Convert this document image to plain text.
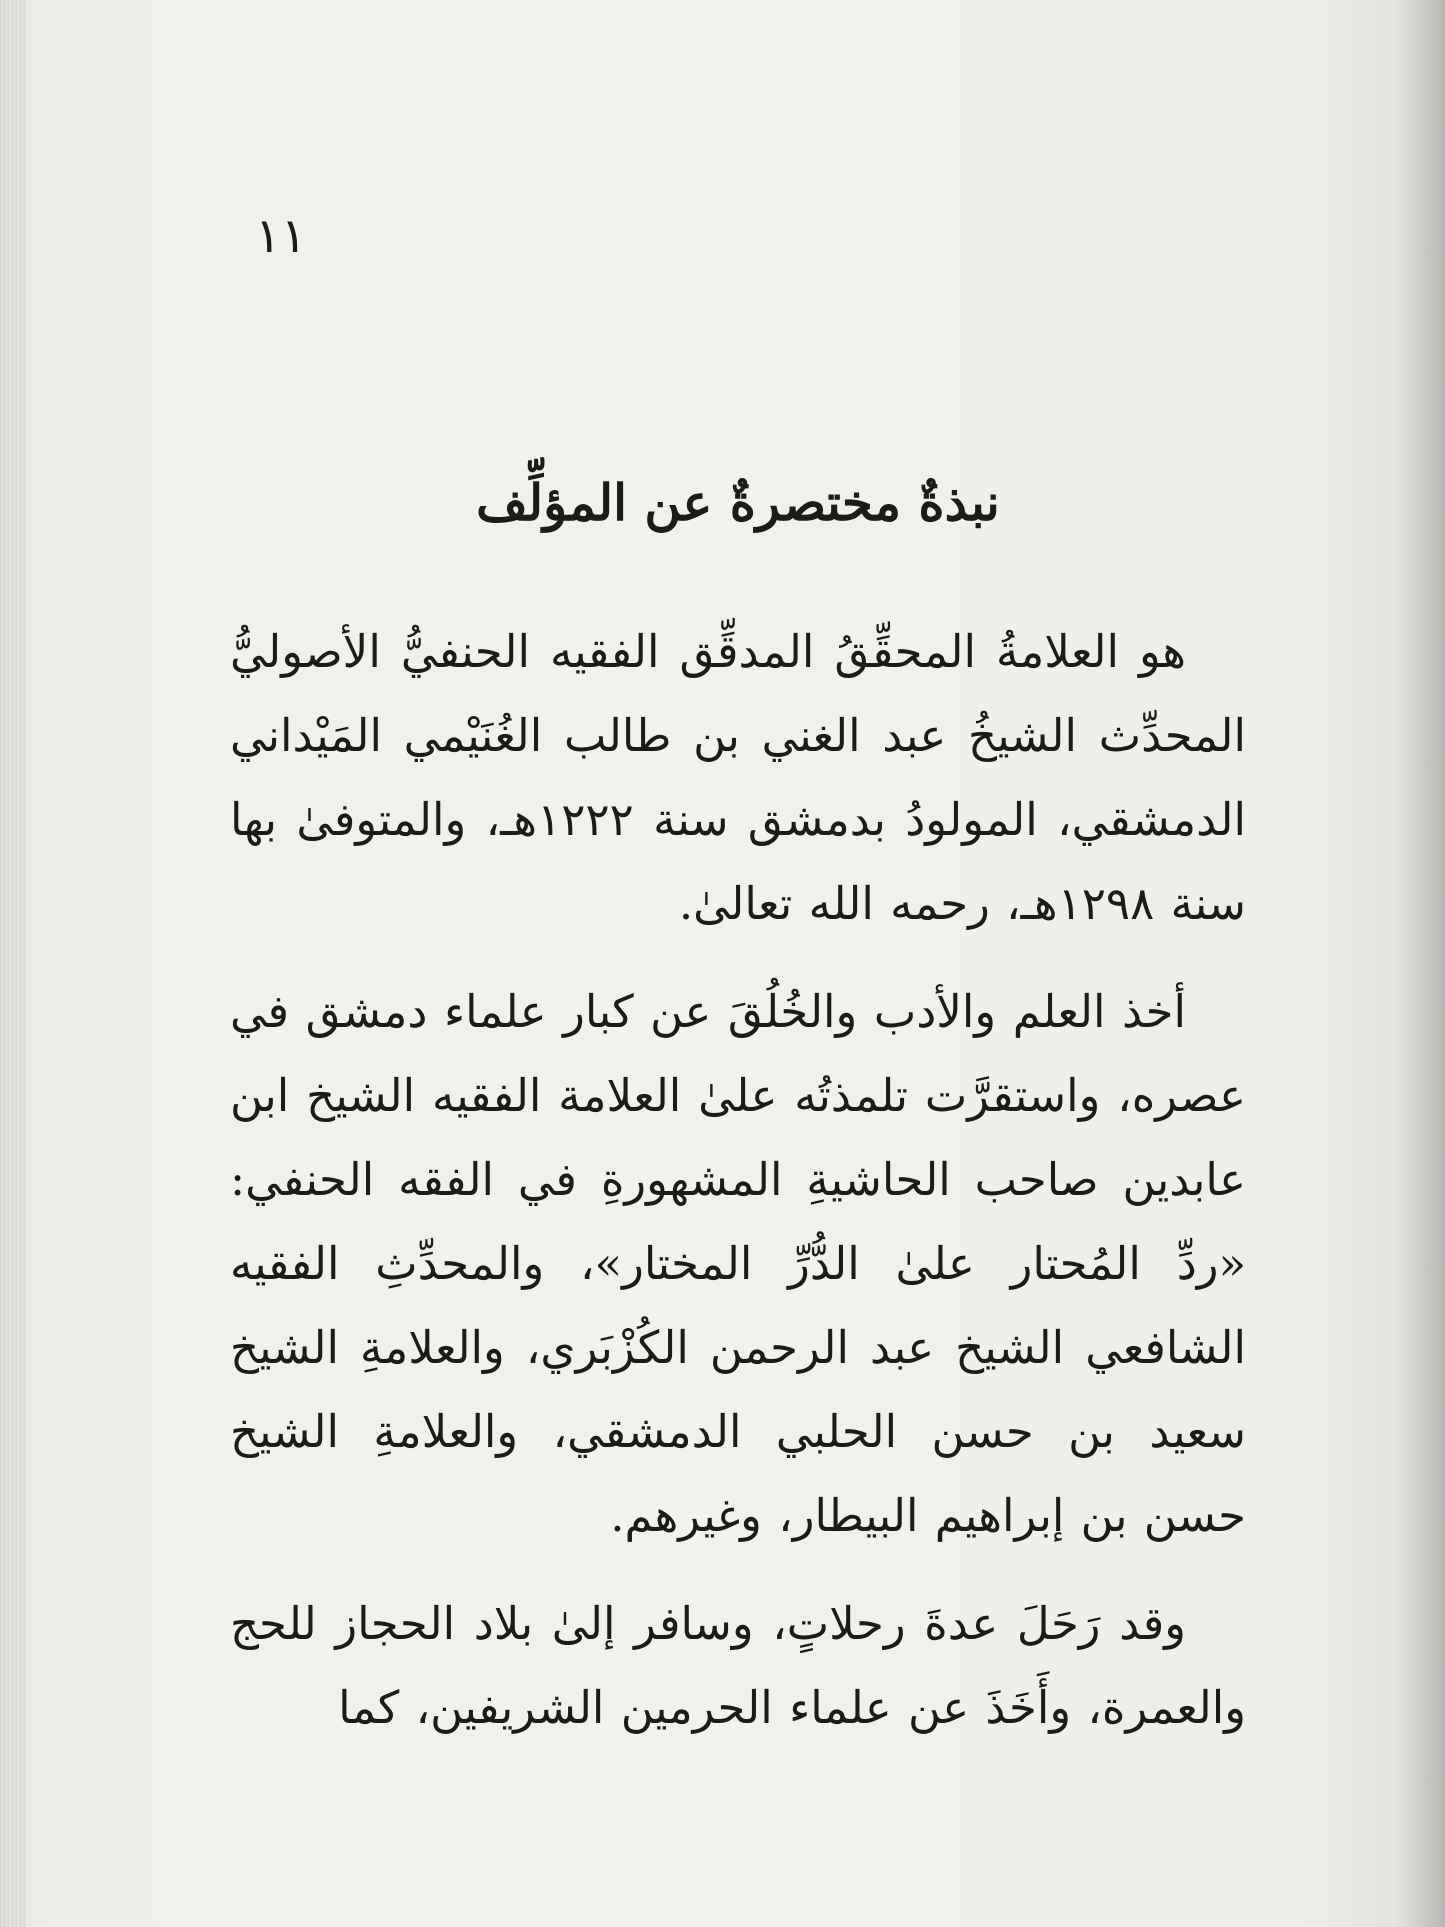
١١
نبذةٌ مختصرةٌ عن المؤلِّف

هو العلامةُ المحقِّقُ المدقِّق الفقيه الحنفيُّ الأصوليُّ المحدِّث الشيخُ عبد الغني بن طالب الغُنَيْمي المَيْداني الدمشقي، المولودُ بدمشق سنة ١٢٢٢هـ، والمتوفىٰ بها سنة ١٢٩٨هـ، رحمه الله تعالىٰ.

أخذ العلم والأدب والخُلُقَ عن كبار علماء دمشق في عصره، واستقرَّت تلمذتُه علىٰ العلامة الفقيه الشيخ ابن عابدين صاحب الحاشيةِ المشهورةِ في الفقه الحنفي: «ردِّ المُحتار علىٰ الدُّرِّ المختار»، والمحدِّثِ الفقيه الشافعي الشيخ عبد الرحمن الكُزْبَري، والعلامةِ الشيخ سعيد بن حسن الحلبي الدمشقي، والعلامةِ الشيخ حسن بن إبراهيم البيطار، وغيرهم.

وقد رَحَلَ عدةَ رحلاتٍ، وسافر إلىٰ بلاد الحجاز للحج والعمرة، وأَخَذَ عن علماء الحرمين الشريفين، كما
